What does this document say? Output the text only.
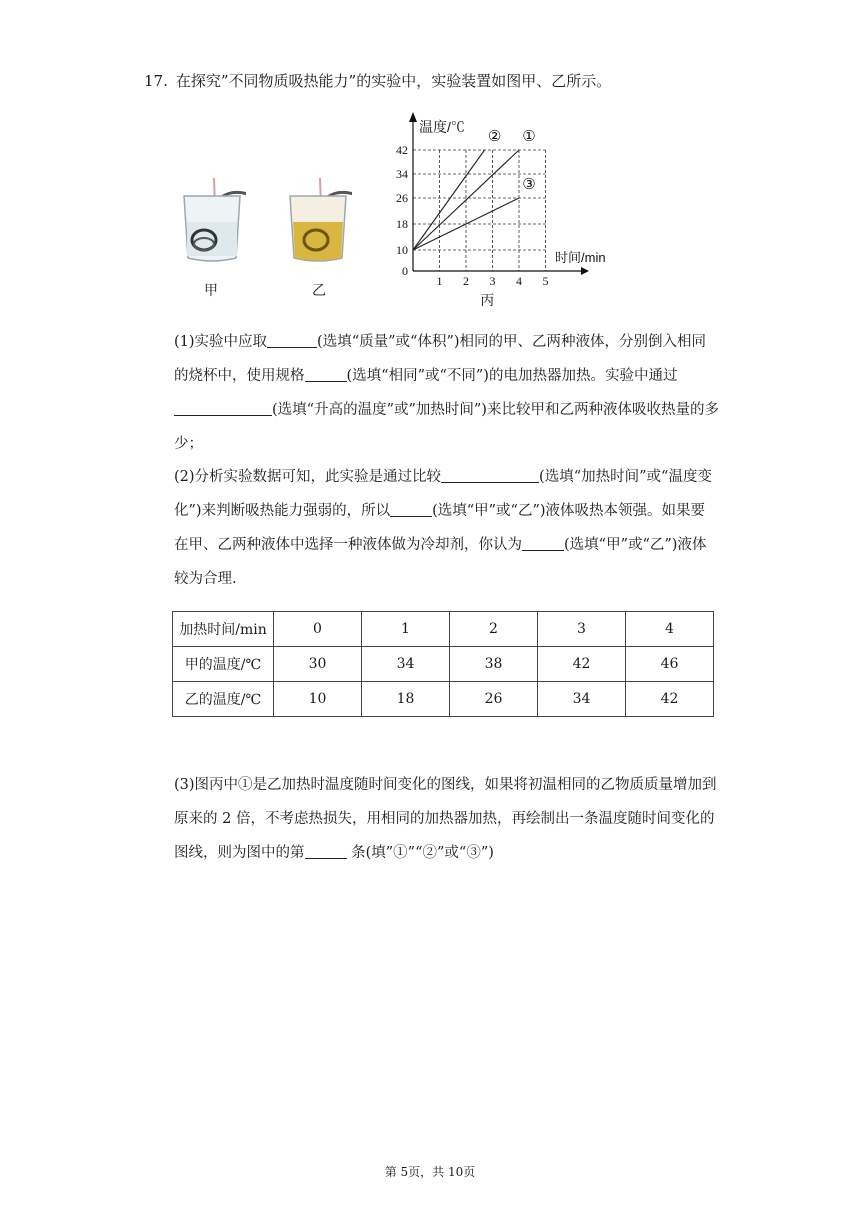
17. 在探究”不同物质吸热能力”的实验中，实验装置如图甲、乙所示。
甲	乙
温度/℃
时间/min
1 2 3 4 5
0
10
18
26
34
42
丙
①
②
③
(1)实验中应取	(选填“质量”或“体积”)相同的甲、乙两种液体，分别倒入相同的烧杯中，使用规格	(选填“相同”或“不同”)的电加热器加热。实验中通过(选填“升高的温度”或”加热时间”)来比较甲和乙两种液体吸收热量的多少；
(2)分析实验数据可知，此实验是通过比较	(选填“加热时间”或“温度变化”)来判断吸热能力强弱的，所以	(选填“甲”或“乙”)液体吸热本领强。如果要在甲、乙两种液体中选择一种液体做为冷却剂，你认为	(选填“甲”或“乙”)液体较为合理.
加热时间/min	0	1	2	3	4
甲的温度/℃	30	34	38	42	46
乙的温度/℃	10	18	26	34	42
(3)图丙中①是乙加热时温度随时间变化的图线，如果将初温相同的乙物质质量增加到原来的 2 倍，不考虑热损失，用相同的加热器加热，再绘制出一条温度随时间变化的图线，则为图中的第	条(填”①”“②”或“③”)
第 5页，共 10页
